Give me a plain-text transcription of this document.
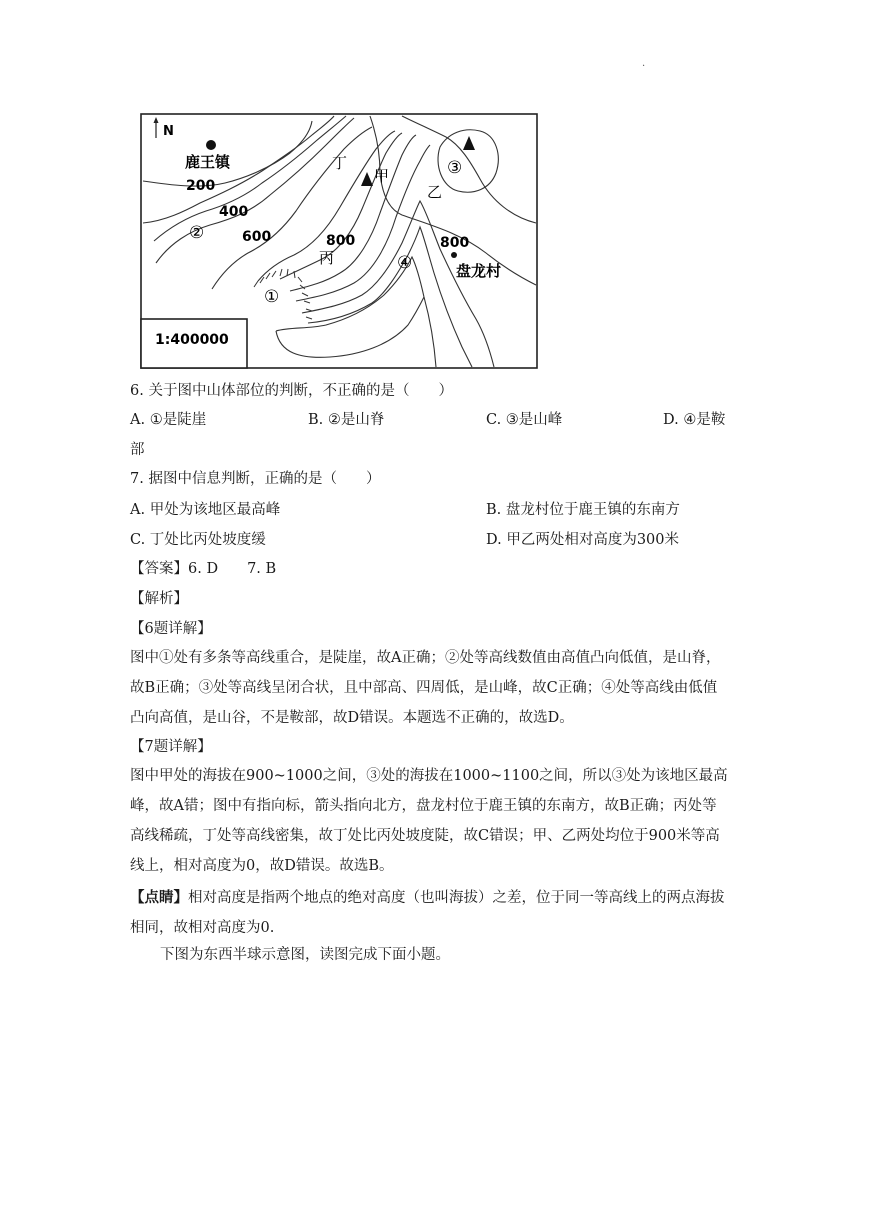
.
N
鹿王镇
200
400
600	800	800
盘龙村
甲
乙
丙
丁
②
①
③
④
1:400000
6. 关于图中山体部位的判断，不正确的是（　　）
A. ①是陡崖	B. ②是山脊	C. ③是山峰	D. ④是鞍
部
7. 据图中信息判断，正确的是（　　）
A. 甲处为该地区最高峰	B. 盘龙村位于鹿王镇的东南方
C. 丁处比丙处坡度缓	D. 甲乙两处相对高度为300米
【答案】6. D　　7. B
【解析】
【6题详解】
图中①处有多条等高线重合，是陡崖，故A正确；②处等高线数值由高值凸向低值，是山脊，故B正确；③处等高线呈闭合状，且中部高、四周低，是山峰，故C正确；④处等高线由低值凸向高值，是山谷，不是鞍部，故D错误。本题选不正确的，故选D。
【7题详解】
图中甲处的海拔在900~1000之间，③处的海拔在1000~1100之间，所以③处为该地区最高峰，故A错；图中有指向标，箭头指向北方，盘龙村位于鹿王镇的东南方，故B正确；丙处等高线稀疏，丁处等高线密集，故丁处比丙处坡度陡，故C错误；甲、乙两处均位于900米等高线上，相对高度为0，故D错误。故选B。
【点睛】相对高度是指两个地点的绝对高度（也叫海拔）之差，位于同一等高线上的两点海拔相同，故相对高度为0.
下图为东西半球示意图，读图完成下面小题。
